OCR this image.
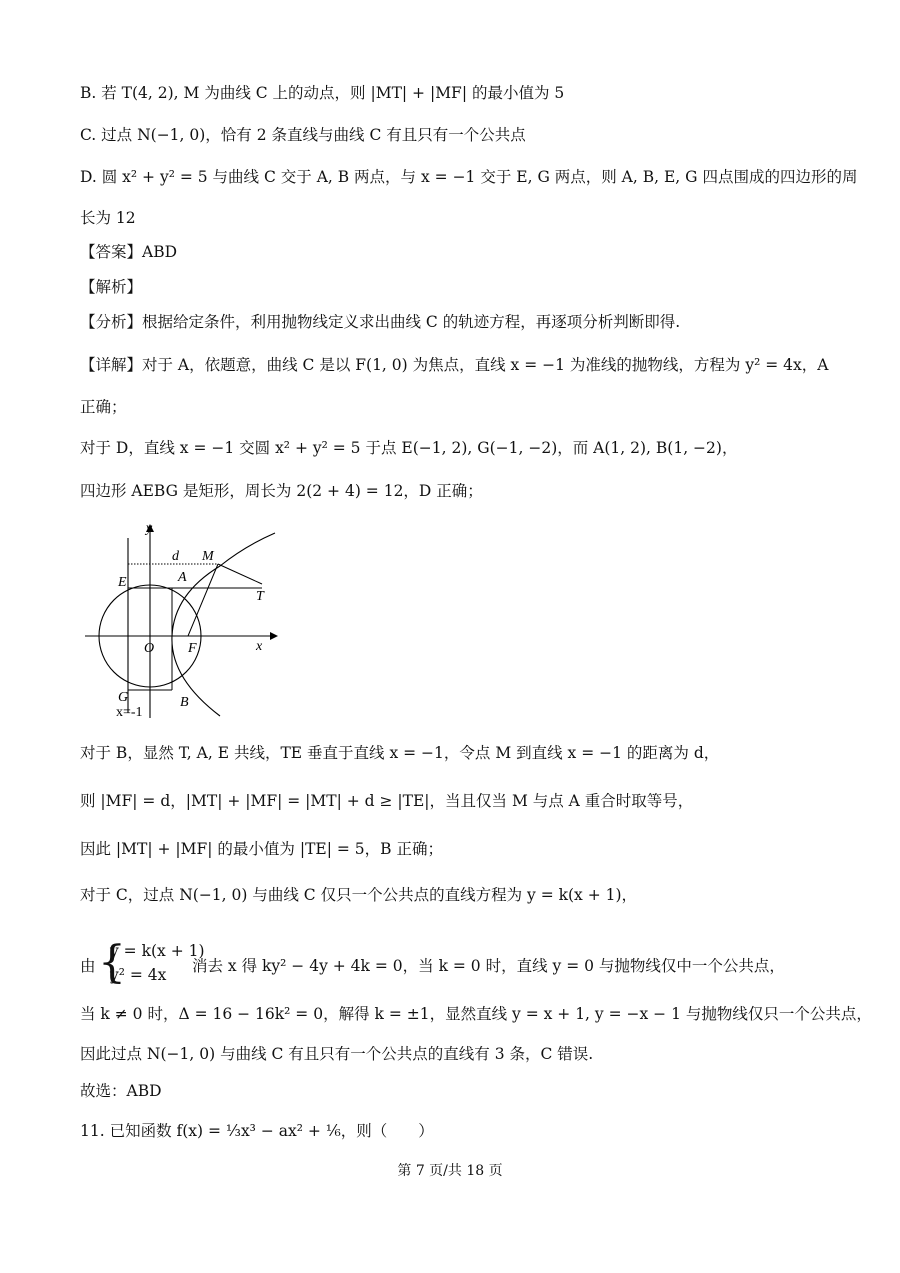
B. 若 T(4, 2), M 为曲线 C 上的动点，则 |MT| + |MF| 的最小值为 5
C. 过点 N(−1, 0)，恰有 2 条直线与曲线 C 有且只有一个公共点
D. 圆 x² + y² = 5 与曲线 C 交于 A, B 两点，与 x = −1 交于 E, G 两点，则 A, B, E, G 四点围成的四边形的周
长为 12
【答案】ABD
【解析】
【分析】根据给定条件，利用抛物线定义求出曲线 C 的轨迹方程，再逐项分析判断即得.
【详解】对于 A，依题意，曲线 C 是以 F(1, 0) 为焦点，直线 x = −1 为准线的抛物线，方程为 y² = 4x，A
正确；
对于 D，直线 x = −1 交圆 x² + y² = 5 于点 E(−1, 2), G(−1, −2)，而 A(1, 2), B(1, −2)，
四边形 AEBG 是矩形，周长为 2(2 + 4) = 12，D 正确；
y
x
d M
E	A
T
O F
G	B
x=-1
对于 B，显然 T, A, E 共线，TE 垂直于直线 x = −1，令点 M 到直线 x = −1 的距离为 d，
则 |MF| = d，|MT| + |MF| = |MT| + d ≥ |TE|，当且仅当 M 与点 A 重合时取等号，
因此 |MT| + |MF| 的最小值为 |TE| = 5，B 正确；
对于 C，过点 N(−1, 0) 与曲线 C 仅只一个公共点的直线方程为 y = k(x + 1)，
由 {
y = k(x + 1)
y² = 4x 消去 x 得 ky² − 4y + 4k = 0，当 k = 0 时，直线 y = 0 与抛物线仅中一个公共点，
当 k ≠ 0 时，Δ = 16 − 16k² = 0，解得 k = ±1，显然直线 y = x + 1, y = −x − 1 与抛物线仅只一个公共点，
因此过点 N(−1, 0) 与曲线 C 有且只有一个公共点的直线有 3 条，C 错误.
故选：ABD
11. 已知函数 f(x) = ⅓x³ − ax² + ⅙，则（　　）
第 7 页/共 18 页
